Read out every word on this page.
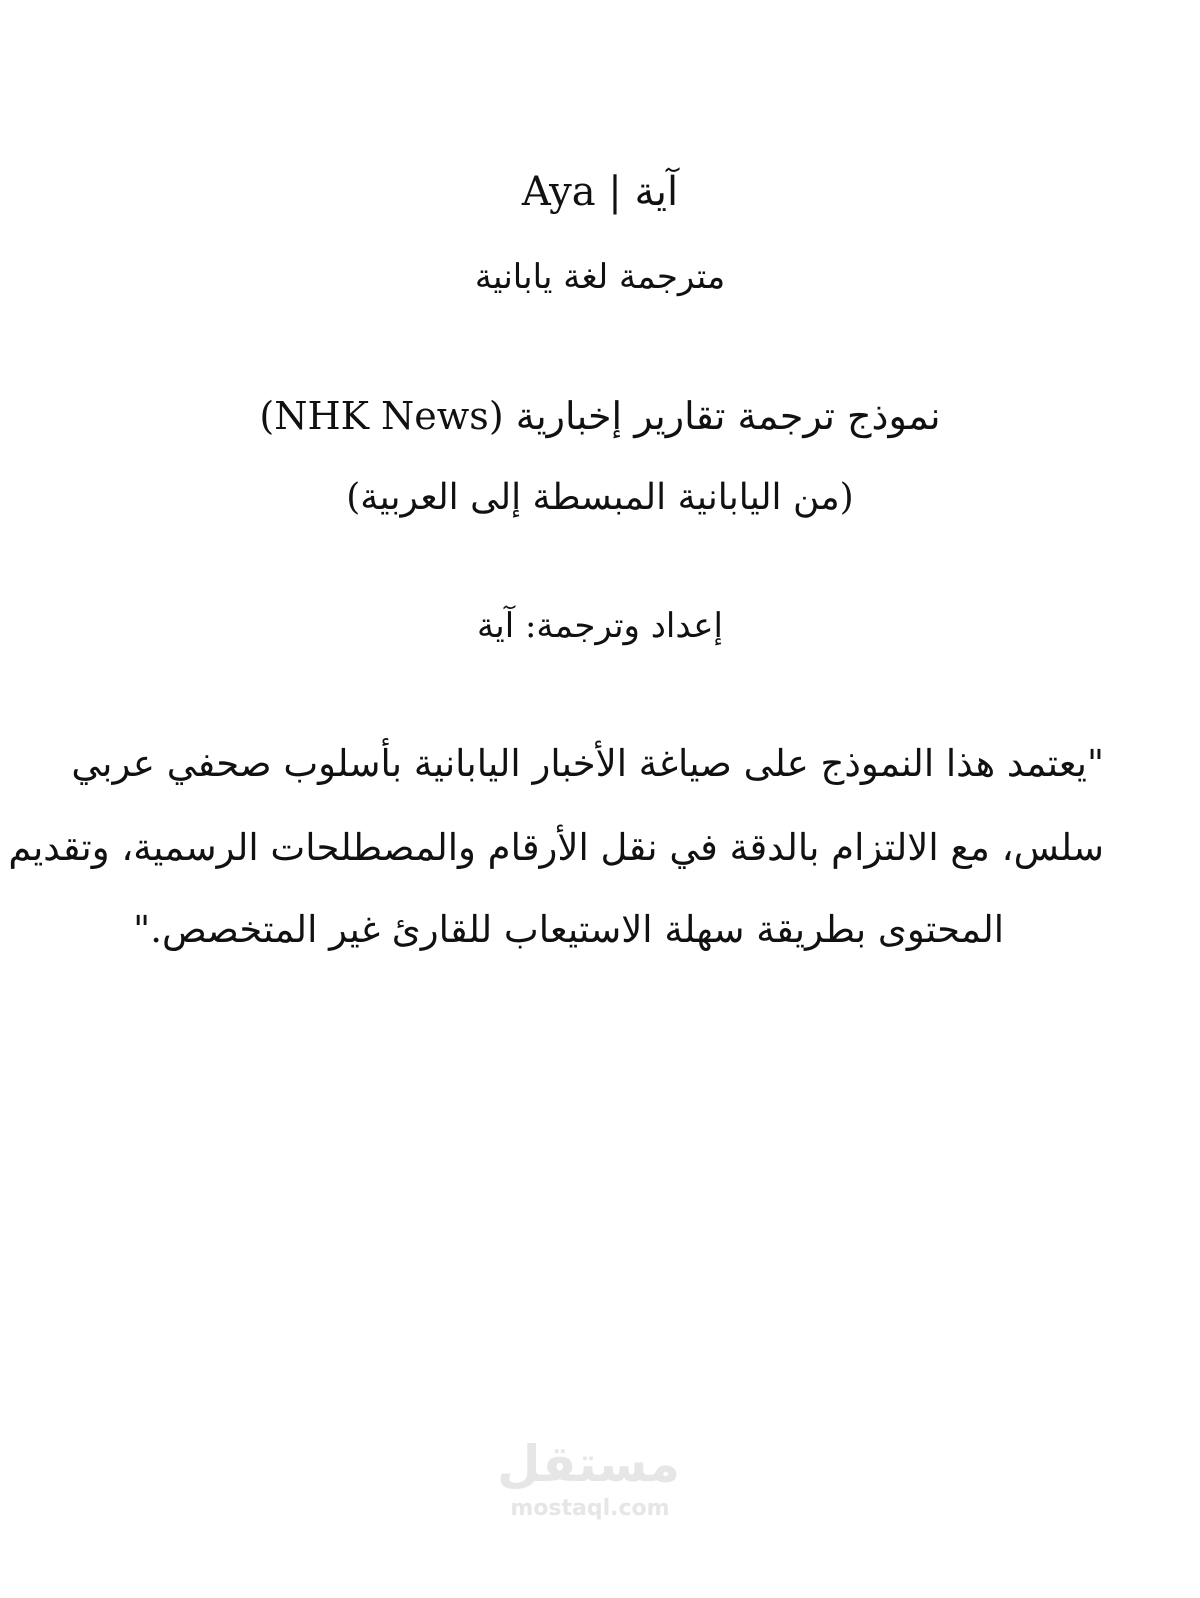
آية | Aya
مترجمة لغة يابانية
نموذج ترجمة تقارير إخبارية (NHK News)
(من اليابانية المبسطة إلى العربية)
إعداد وترجمة: آية
"يعتمد هذا النموذج على صياغة الأخبار اليابانية بأسلوب صحفي عربي
سلس، مع الالتزام بالدقة في نقل الأرقام والمصطلحات الرسمية، وتقديم
المحتوى بطريقة سهلة الاستيعاب للقارئ غير المتخصص."
مستقل
mostaql.com
